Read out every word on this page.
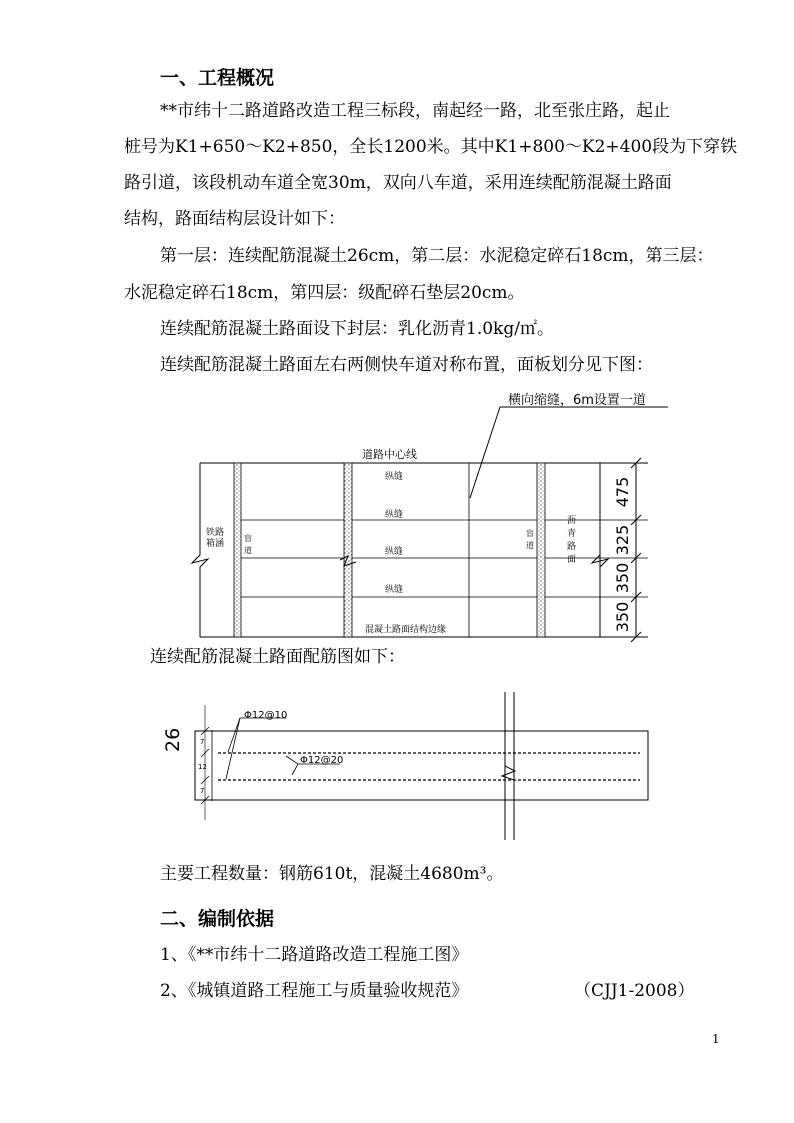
一、工程概况
**市纬十二路道路改造工程三标段，南起经一路，北至张庄路，起止
桩号为K1+650～K2+850，全长1200米。其中K1+800～K2+400段为下穿铁
路引道，该段机动车道全宽30m，双向八车道，采用连续配筋混凝土路面
结构，路面结构层设计如下：
第一层：连续配筋混凝土26cm，第二层：水泥稳定碎石18cm，第三层：
水泥稳定碎石18cm，第四层：级配碎石垫层20cm。
连续配筋混凝土路面设下封层：乳化沥青1.0kg/㎡。
连续配筋混凝土路面左右两侧快车道对称布置，面板划分见下图：
475
325
350
350
横向缩缝，6m设置一道
道路中心线
纵缝
纵缝
纵缝
纵缝
混凝土路面结构边缘
铁路
箱涵
盲
道
盲
道
沥
青
路
面
连续配筋混凝土路面配筋图如下：
Φ12@10
Φ12@20
26 7
12
7
主要工程数量：钢筋610t，混凝土4680m³。
二、编制依据
1、《**市纬十二路道路改造工程施工图》
2、《城镇道路工程施工与质量验收规范》	（CJJ1-2008）
1
